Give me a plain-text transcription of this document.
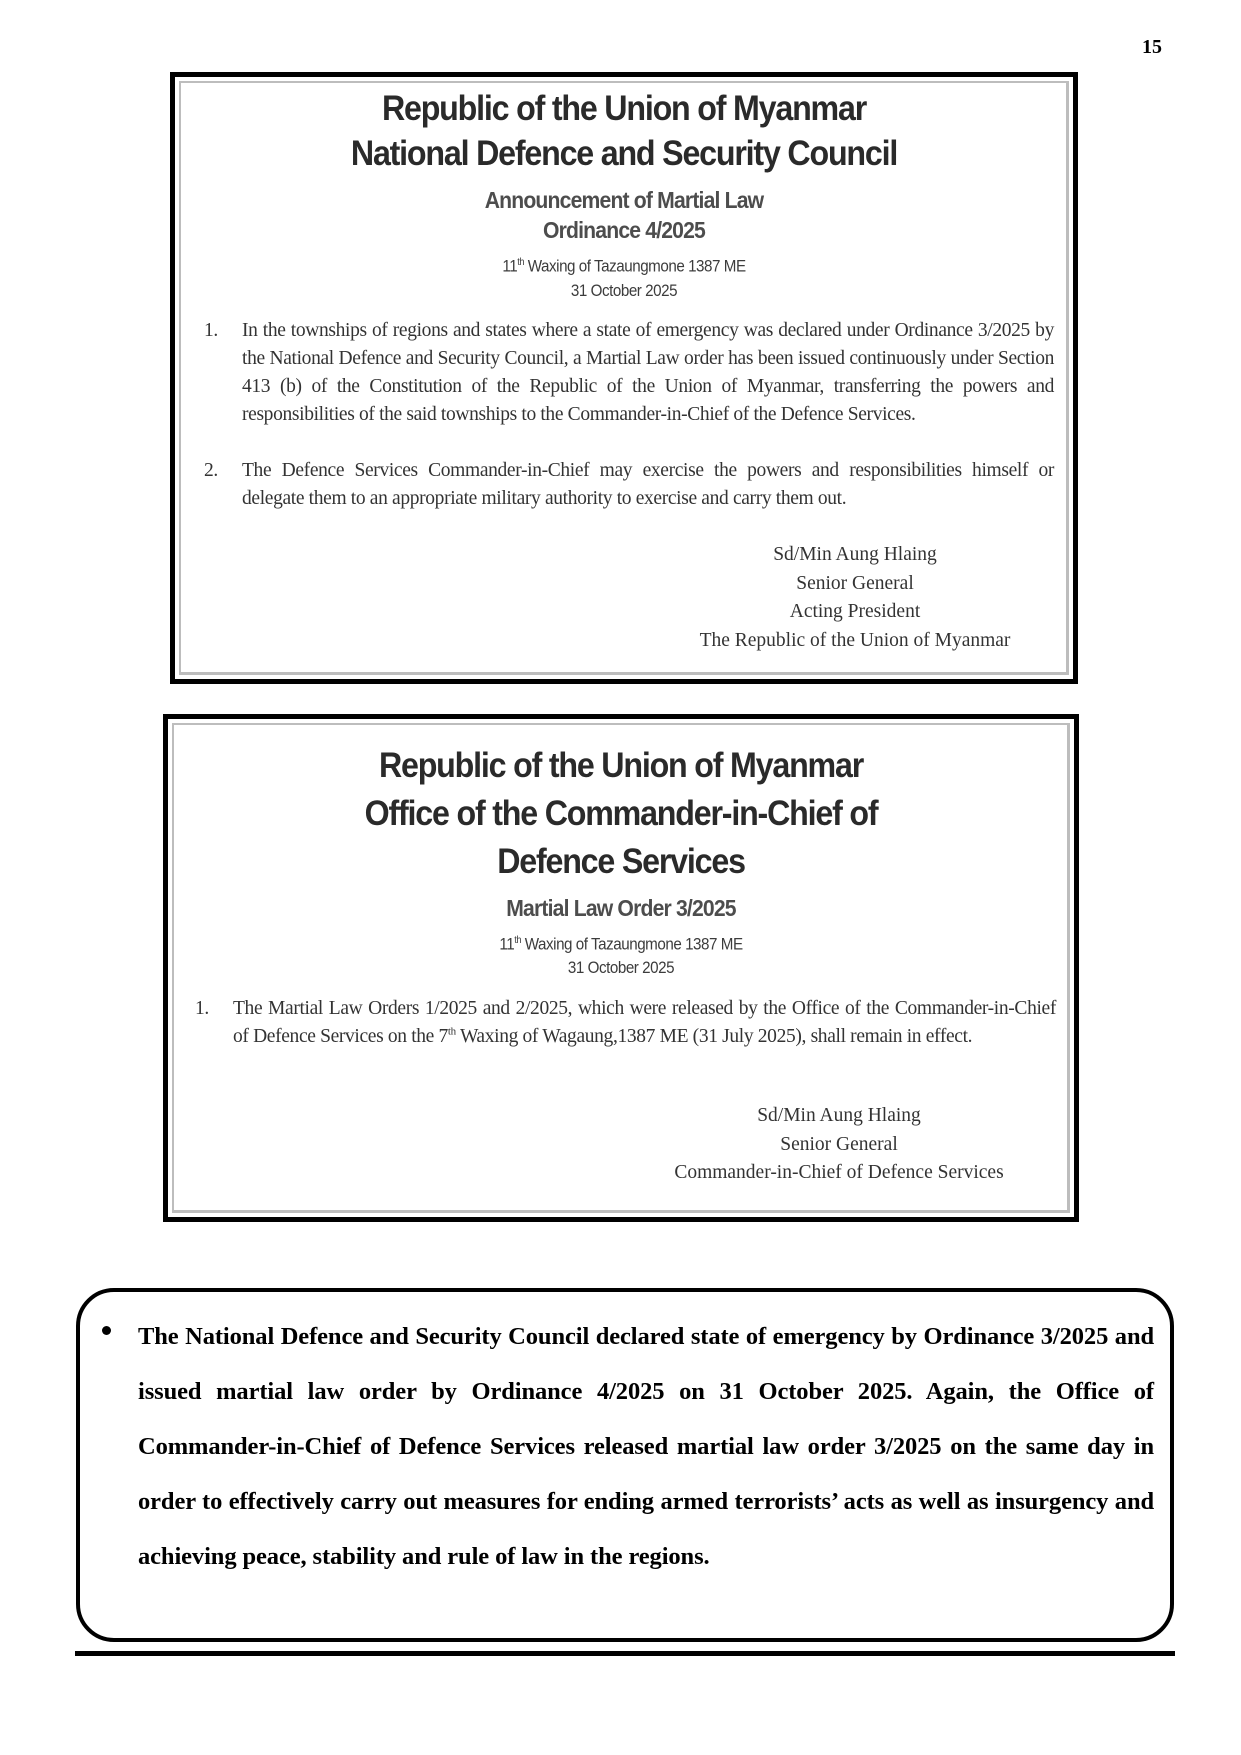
15
Republic of the Union of Myanmar
National Defence and Security Council
Announcement of Martial Law
Ordinance 4/2025
11th Waxing of Tazaungmone 1387 ME
31 October 2025
1. In the townships of regions and states where a state of emergency was declared under Ordinance 3/2025 by the National Defence and Security Council, a Martial Law order has been issued continuously under Section 413 (b) of the Constitution of the Republic of the Union of Myanmar, transferring the powers and responsibilities of the said townships to the Commander-in-Chief of the Defence Services.
2. The Defence Services Commander-in-Chief may exercise the powers and responsibilities himself or delegate them to an appropriate military authority to exercise and carry them out.
Sd/Min Aung Hlaing
Senior General
Acting President
The Republic of the Union of Myanmar
Republic of the Union of Myanmar
Office of the Commander-in-Chief of
Defence Services
Martial Law Order 3/2025
11th Waxing of Tazaungmone 1387 ME
31 October 2025
1. The Martial Law Orders 1/2025 and 2/2025, which were released by the Office of the Commander-in-Chief of Defence Services on the 7th Waxing of Wagaung,1387 ME (31 July 2025), shall remain in effect.
Sd/Min Aung Hlaing
Senior General
Commander-in-Chief of Defence Services
The National Defence and Security Council declared state of emergency by Ordinance 3/2025 and issued martial law order by Ordinance 4/2025 on 31 October 2025. Again, the Office of Commander-in-Chief of Defence Services released martial law order 3/2025 on the same day in order to effectively carry out measures for ending armed terrorists’ acts as well as insurgency and achieving peace, stability and rule of law in the regions.
